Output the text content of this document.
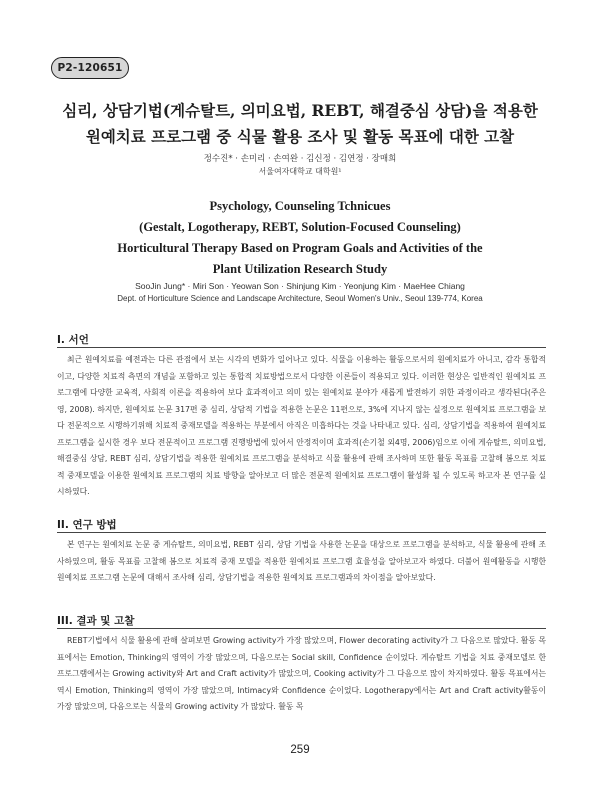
P2-120651
심리, 상담기법(게슈탈트, 의미요법, REBT, 해결중심 상담)을 적용한
원예치료 프로그램 중 식물 활용 조사 및 활동 목표에 대한 고찰
정수진* · 손미리 · 손여완 · 김신정 · 김연정 · 장매희
서울여자대학교 대학원¹
Psychology, Counseling Tchnicues
(Gestalt, Logotherapy, REBT, Solution-Focused Counseling)
Horticultural Therapy Based on Program Goals and Activities of the
Plant Utilization Research Study
SooJin Jung* · Miri Son · Yeowan Son · Shinjung Kim · Yeonjung Kim · MaeHee Chiang
Dept. of Horticulture Science and Landscape Architecture, Seoul Women's Univ., Seoul 139-774, Korea
I. 서언
최근 원예치료를 예전과는 다른 관점에서 보는 시각의 변화가 일어나고 있다. 식물을 이용하는 활동으로서의 원예치료가 아니고, 감각 통합적이고, 다양한 치료적 측면의 개념을 포함하고 있는 통합적 치료방법으로서 다양한 이론들이 적용되고 있다. 이러한 현상은 일반적인 원예치료 프로그램에 다양한 교육적, 사회적 이론을 적용하여 보다 효과적이고 의미 있는 원예치료 분야가 새롭게 발전하기 위한 과정이라고 생각된다(주은영, 2008). 하지만, 원예치료 논문 317편 중 심리, 상담적 기법을 적용한 논문은 11편으로, 3%에 지나지 않는 실정으로 원예치료 프로그램을 보다 전문적으로 시행하기위해 치료적 중재모델을 적용하는 부분에서 아직은 미흡하다는 것을 나타내고 있다. 심리, 상담기법을 적용하여 원예치료 프로그램을 실시한 경우 보다 전문적이고 프로그램 진행방법에 있어서 안정적이며 효과적(손기철 외4명, 2006)임으로 이에 게슈탈트, 의미요법, 해결중심 상담, REBT 심리, 상담기법을 적용한 원예치료 프로그램을 분석하고 식물 활용에 관해 조사하며 또한 활동 목표를 고찰해 봄으로 치료적 중재모델을 이용한 원예치료 프로그램의 치료 방향을 알아보고 더 많은 전문적 원예치료 프로그램이 활성화 될 수 있도록 하고자 본 연구를 실시하였다.
II. 연구 방법
본 연구는 원예치료 논문 중 게슈탈트, 의미요법, REBT 심리, 상담 기법을 사용한 논문을 대상으로 프로그램을 분석하고, 식물 활용에 관해 조사하였으며, 활동 목표를 고찰해 봄으로 치료적 중재 모델을 적용한 원예치료 프로그램 효율성을 알아보고자 하였다. 더불어 원예활동을 시행한 원예치료 프로그램 논문에 대해서 조사해 심리, 상담기법을 적용한 원예치료 프로그램과의 차이점을 알아보았다.
III. 결과 및 고찰
REBT기법에서 식물 활용에 관해 살펴보면 Growing activity가 가장 많았으며, Flower decorating activity가 그 다음으로 많았다. 활동 목표에서는 Emotion, Thinking의 영역이 가장 많았으며, 다음으로는 Social skill, Confidence 순이었다. 게슈탈트 기법을 치료 중재모델로 한 프로그램에서는 Growing activity와 Art and Craft activity가 많았으며, Cooking activity가 그 다음으로 많이 차지하였다. 활동 목표에서는 역시 Emotion, Thinking의 영역이 가장 많았으며, Intimacy와 Confidence 순이었다. Logotherapy에서는 Art and Craft activity활동이 가장 많았으며, 다음으로는 식물의 Growing activity 가 많았다. 활동 목
259
